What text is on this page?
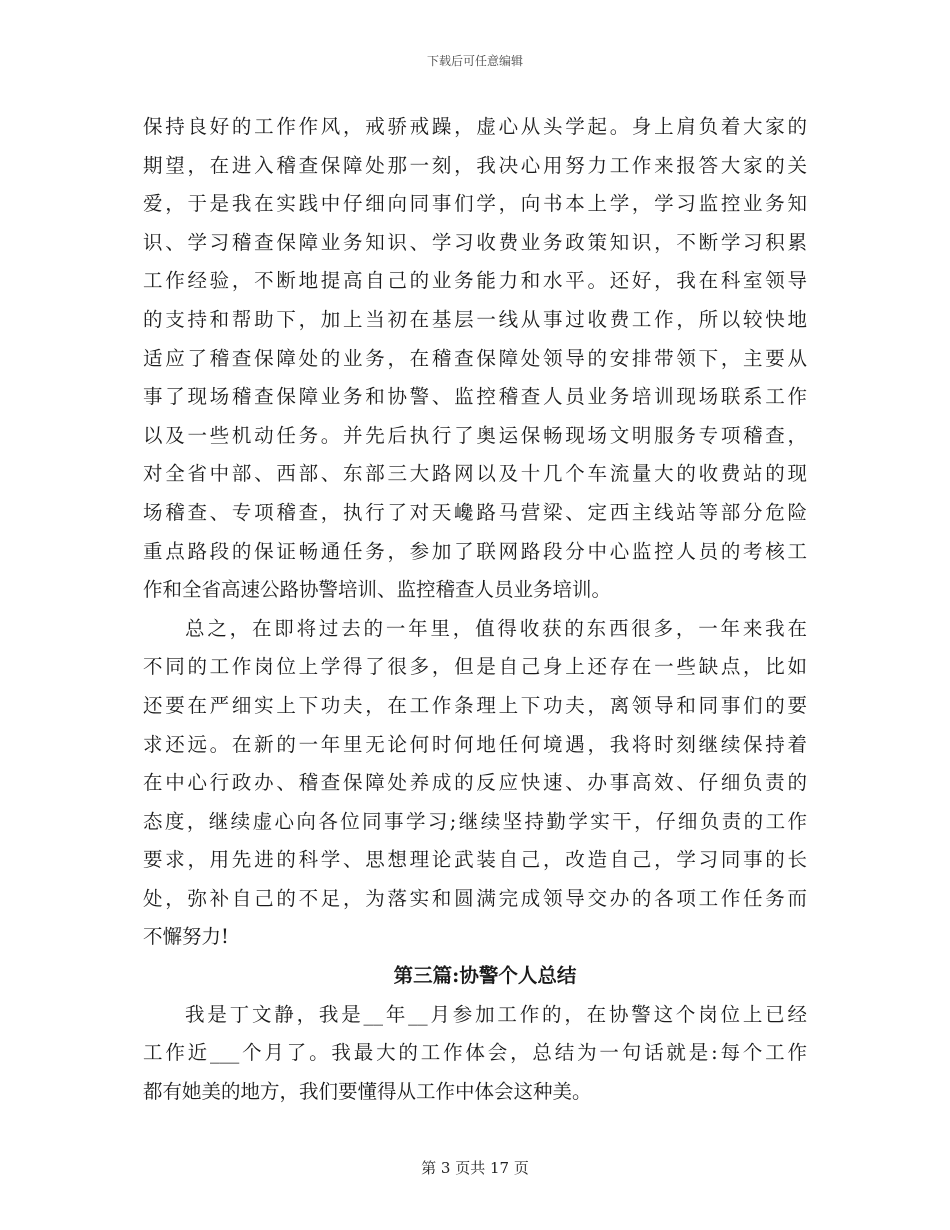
下载后可任意编辑
保持良好的工作作风，戒骄戒躁，虚心从头学起。身上肩负着大家的
期望，在进入稽查保障处那一刻，我决心用努力工作来报答大家的关
爱，于是我在实践中仔细向同事们学，向书本上学，学习监控业务知
识、学习稽查保障业务知识、学习收费业务政策知识，不断学习积累
工作经验，不断地提高自己的业务能力和水平。还好，我在科室领导
的支持和帮助下，加上当初在基层一线从事过收费工作，所以较快地
适应了稽查保障处的业务，在稽查保障处领导的安排带领下，主要从
事了现场稽查保障业务和协警、监控稽查人员业务培训现场联系工作
以及一些机动任务。并先后执行了奥运保畅现场文明服务专项稽查，
对全省中部、西部、东部三大路网以及十几个车流量大的收费站的现
场稽查、专项稽查，执行了对天巉路马营梁、定西主线站等部分危险
重点路段的保证畅通任务，参加了联网路段分中心监控人员的考核工
作和全省高速公路协警培训、监控稽查人员业务培训。
总之，在即将过去的一年里，值得收获的东西很多，一年来我在
不同的工作岗位上学得了很多，但是自己身上还存在一些缺点，比如
还要在严细实上下功夫，在工作条理上下功夫，离领导和同事们的要
求还远。在新的一年里无论何时何地任何境遇，我将时刻继续保持着
在中心行政办、稽查保障处养成的反应快速、办事高效、仔细负责的
态度，继续虚心向各位同事学习;继续坚持勤学实干，仔细负责的工作
要求，用先进的科学、思想理论武装自己，改造自己，学习同事的长
处，弥补自己的不足，为落实和圆满完成领导交办的各项工作任务而
不懈努力!
第三篇:协警个人总结
我是丁文静，我是__年__月参加工作的，在协警这个岗位上已经
工作近___个月了。我最大的工作体会，总结为一句话就是:每个工作
都有她美的地方，我们要懂得从工作中体会这种美。
第 3 页共 17 页
